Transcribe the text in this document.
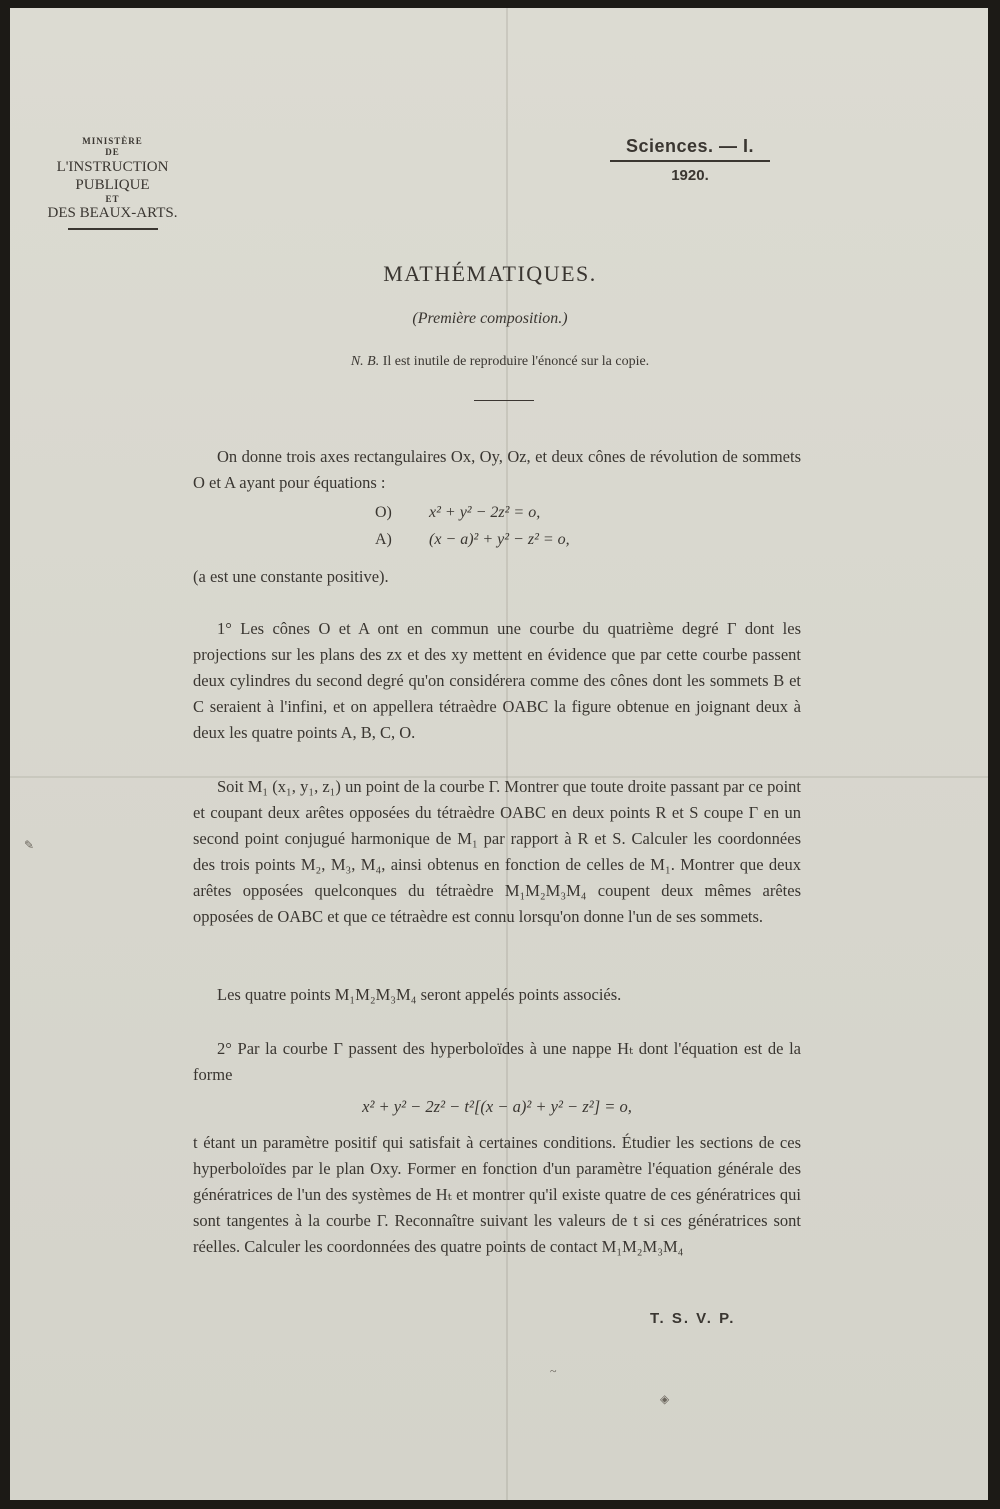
MINISTÈRE
DE
L'INSTRUCTION
PUBLIQUE
ET
DES BEAUX-ARTS.
Sciences. — I.
1920.
MATHÉMATIQUES.
(Première composition.)
N. B. Il est inutile de reproduire l'énoncé sur la copie.
On donne trois axes rectangulaires Ox, Oy, Oz, et deux cônes de révolution de sommets O et A ayant pour équations :
O) x² + y² − 2z² = o,
A) (x − a)² + y² − z² = o,
(a est une constante positive).
1° Les cônes O et A ont en commun une courbe du quatrième degré Γ dont les projections sur les plans des zx et des xy mettent en évidence que par cette courbe passent deux cylindres du second degré qu'on considérera comme des cônes dont les sommets B et C seraient à l'infini, et on appellera tétraèdre OABC la figure obtenue en joignant deux à deux les quatre points A, B, C, O.
Soit M₁ (x₁, y₁, z₁) un point de la courbe Γ. Montrer que toute droite passant par ce point et coupant deux arêtes opposées du tétraèdre OABC en deux points R et S coupe Γ en un second point conjugué harmonique de M₁ par rapport à R et S. Calculer les coordonnées des trois points M₂, M₃, M₄, ainsi obtenus en fonction de celles de M₁. Montrer que deux arêtes opposées quelconques du tétraèdre M₁M₂M₃M₄ coupent deux mêmes arêtes opposées de OABC et que ce tétraèdre est connu lorsqu'on donne l'un de ses sommets.
Les quatre points M₁M₂M₃M₄ seront appelés points associés.
2° Par la courbe Γ passent des hyperboloïdes à une nappe Hₜ dont l'équation est de la forme
x² + y² − 2z² − t²[(x − a)² + y² − z²] = o,
t étant un paramètre positif qui satisfait à certaines conditions. Étudier les sections de ces hyperboloïdes par le plan Oxy. Former en fonction d'un paramètre l'équation générale des génératrices de l'un des systèmes de Hₜ et montrer qu'il existe quatre de ces génératrices qui sont tangentes à la courbe Γ. Reconnaître suivant les valeurs de t si ces génératrices sont réelles. Calculer les coordonnées des quatre points de contact M₁M₂M₃M₄
T. S. V. P.
✎
~
◈
